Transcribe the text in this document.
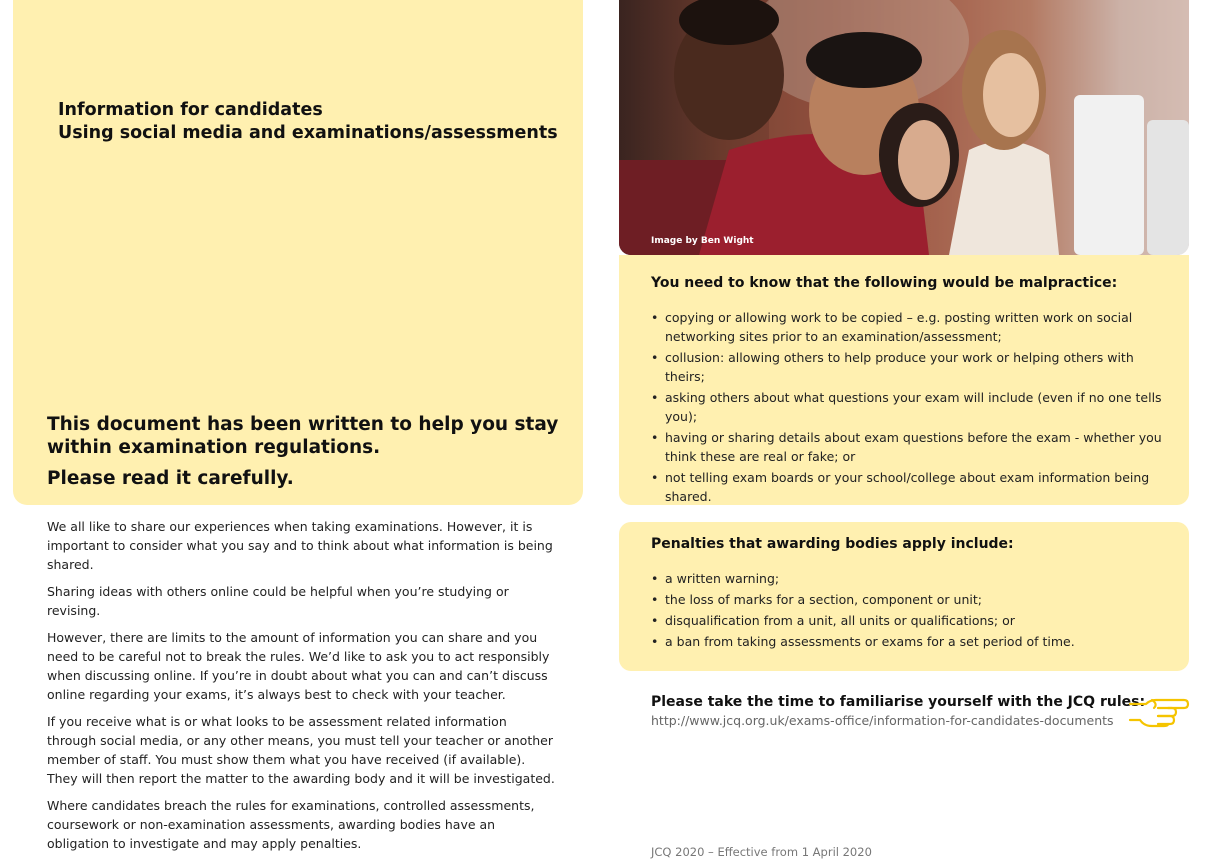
Information for candidates
Using social media and examinations/assessments
This document has been written to help you stay
within examination regulations.
Please read it carefully.

We all like to share our experiences when taking examinations. However, it is important to consider what you say and to think about what information is being shared.

Sharing ideas with others online could be helpful when you’re studying or revising.

However, there are limits to the amount of information you can share and you need to be careful not to break the rules. We’d like to ask you to act responsibly when discussing online. If you’re in doubt about what you can and can’t discuss online regarding your exams, it’s always best to check with your teacher.

If you receive what is or what looks to be assessment related information through social media, or any other means, you must tell your teacher or another member of staff. You must show them what you have received (if available). They will then report the matter to the awarding body and it will be investigated.

Where candidates breach the rules for examinations, controlled assessments, coursework or non-examination assessments, awarding bodies have an obligation to investigate and may apply penalties.

Image by Ben Wight
You need to know that the following would be malpractice:
• copying or allowing work to be copied – e.g. posting written work on social networking sites prior to an examination/assessment;
• collusion: allowing others to help produce your work or helping others with theirs;
• asking others about what questions your exam will include (even if no one tells you);
• having or sharing details about exam questions before the exam - whether you think these are real or fake; or
• not telling exam boards or your school/college about exam information being shared.
Penalties that awarding bodies apply include:
• a written warning;
• the loss of marks for a section, component or unit;
• disqualification from a unit, all units or qualifications; or
• a ban from taking assessments or exams for a set period of time.
Please take the time to familiarise yourself with the JCQ rules:
http://www.jcq.org.uk/exams-office/information-for-candidates-documents
JCQ 2020 – Effective from 1 April 2020
